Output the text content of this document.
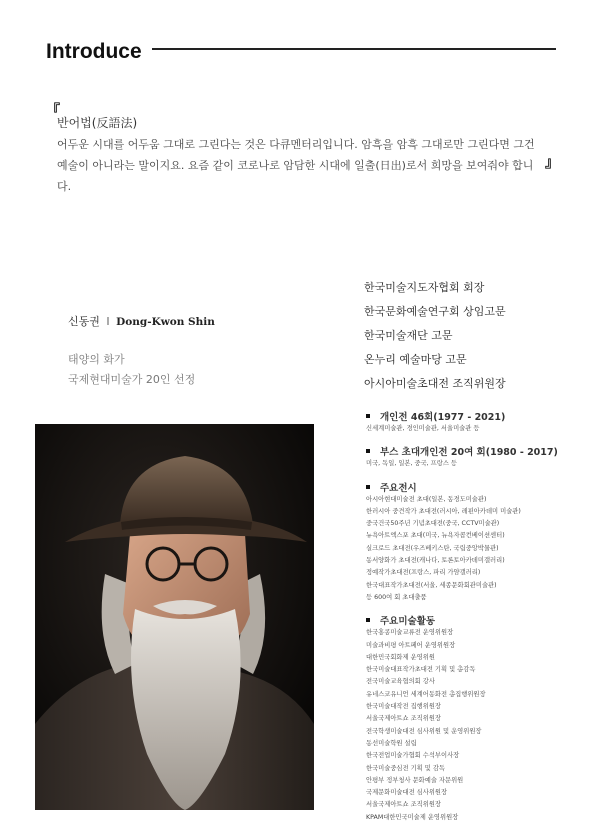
Introduce
『
반어법(反語法)
어두운 시대를 어두움 그대로 그린다는 것은 다큐멘터리입니다. 암흑을 암흑 그대로만 그린다면 그건 예술이 아니라는 말이지요. 요즘 같이 코로나로 암담한 시대에 일출(日出)로서 희망을 보여줘야 합니다.
』
신동권 I Dong-Kwon Shin
태양의 화가
국제현대미술가 20인 선정
한국미술지도자협회 회장
한국문화예술연구회 상임고문
한국미술재단 고문
온누리 예술마당 고문
아시아미술초대전 조직위원장
개인전 46회(1977 - 2021)
신세계미술관, 경인미술관, 서울미술관 등
부스 초대개인전 20여 회(1980 - 2017)
미국, 독일, 일본, 중국, 프랑스 등
주요전시
아시아현대미술전 초대(일본, 동경도미술관)
한러시아 중견작가 초대전(러시아, 레핀아카데미 미술관)
중국건국50주년 기념초대전(중국, CCTV미술관)
뉴욕아트엑스포 초대(미국, 뉴욕자콥컨베이션센터)
실크로드 초대전(우즈베키스탄, 국립중앙박물관)
동서양화가 초대전(캐나다, 토론토아카데미갤러리)
정예작가초대전(프랑스, 파리 가얌갤러리)
한국대표작가초대전(서울, 세종문화회관미술관)
등 600여 회 초대출품
주요미술활동
한국홍콩미술교류전 운영위원장
미술과비평 아트페어 운영위원장
대한민국회화제 운영위원
한국미술대표작가초대전 기획 및 총감독
전국미술교육협의회 강사
유네스코유니언 세계어동화전 총집행위원장
한국미술대작전 집행위원장
서울국제아트쇼 조직위원장
전국학생미술대전 심사위원 및 운영위원장
동선미술학원 설립
한국전업미술가협회 수석부이사장
한국미술중심전 기획 및 감독
안평부 정부청사 문화예술 자문위원
국제문화미술대전 심사위원장
서울국제아트쇼 조직위원장
KPAM대한민국미술제 운영위원장
